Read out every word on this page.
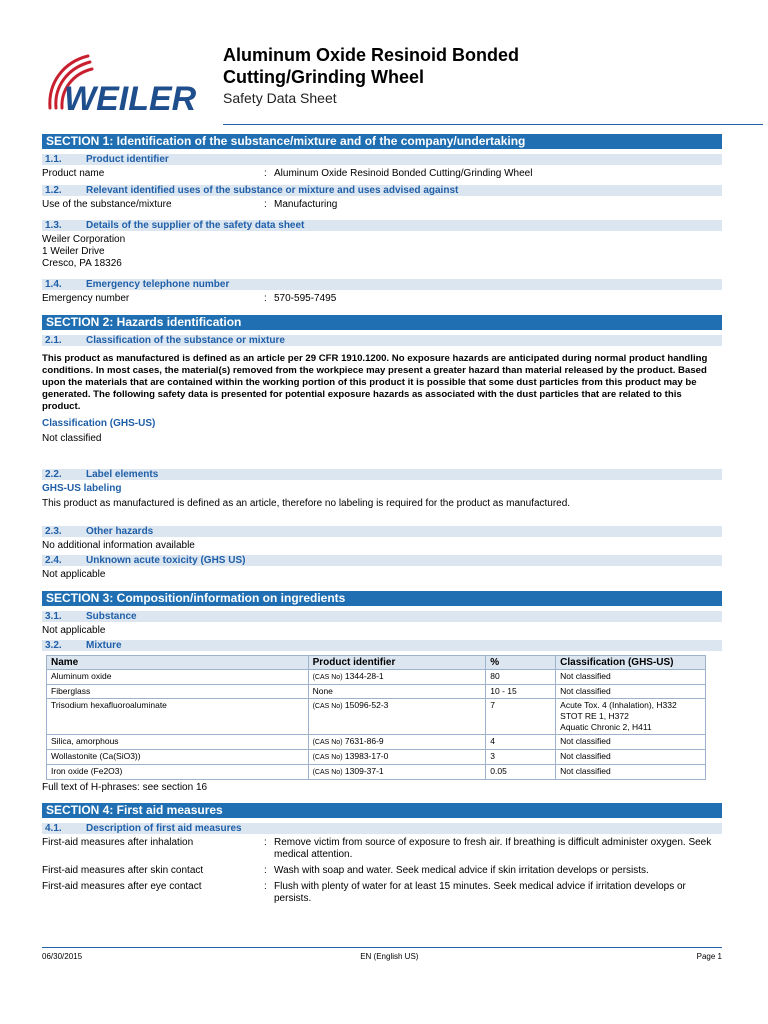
WEILER
Aluminum Oxide Resinoid Bonded
Cutting/Grinding Wheel
Safety Data Sheet
SECTION 1: Identification of the substance/mixture and of the company/undertaking
1.1. Product identifier
Product name	: Aluminum Oxide Resinoid Bonded Cutting/Grinding Wheel
1.2. Relevant identified uses of the substance or mixture and uses advised against
Use of the substance/mixture	: Manufacturing
1.3. Details of the supplier of the safety data sheet
Weiler Corporation
1 Weiler Drive
Cresco, PA 18326
1.4. Emergency telephone number
Emergency number	: 570-595-7495
SECTION 2: Hazards identification
2.1. Classification of the substance or mixture
This product as manufactured is defined as an article per 29 CFR 1910.1200. No exposure hazards are anticipated during normal product handling conditions. In most cases, the material(s) removed from the workpiece may present a greater hazard than material released by the product. Based upon the materials that are contained within the working portion of this product it is possible that some dust particles from this product may be generated. The following safety data is presented for potential exposure hazards as associated with the dust particles that are related to this product.
Classification (GHS-US)
Not classified
2.2. Label elements
GHS-US labeling
This product as manufactured is defined as an article, therefore no labeling is required for the product as manufactured.
2.3. Other hazards
No additional information available
2.4. Unknown acute toxicity (GHS US)
Not applicable
SECTION 3: Composition/information on ingredients
3.1. Substance
Not applicable
3.2. Mixture
Name	Product identifier	%	Classification (GHS-US)
Aluminum oxide	(CAS No) 1344-28-1	80	Not classified
Fiberglass	None	10 - 15	Not classified
Trisodium hexafluoroaluminate	(CAS No) 15096-52-3	7	Acute Tox. 4 (Inhalation), H332
STOT RE 1, H372
Aquatic Chronic 2, H411

Silica, amorphous	(CAS No) 7631-86-9	4	Not classified
Wollastonite (Ca(SiO3))	(CAS No) 13983-17-0	3	Not classified
Iron oxide (Fe2O3)	(CAS No) 1309-37-1	0.05	Not classified
Full text of H-phrases: see section 16
SECTION 4: First aid measures
4.1. Description of first aid measures
First-aid measures after inhalation	: Remove victim from source of exposure to fresh air. If breathing is difficult administer oxygen. Seek medical attention.
First-aid measures after skin contact	: Wash with soap and water. Seek medical advice if skin irritation develops or persists.
First-aid measures after eye contact	: Flush with plenty of water for at least 15 minutes. Seek medical advice if irritation develops or persists.
06/30/2015	EN (English US)	Page 1
